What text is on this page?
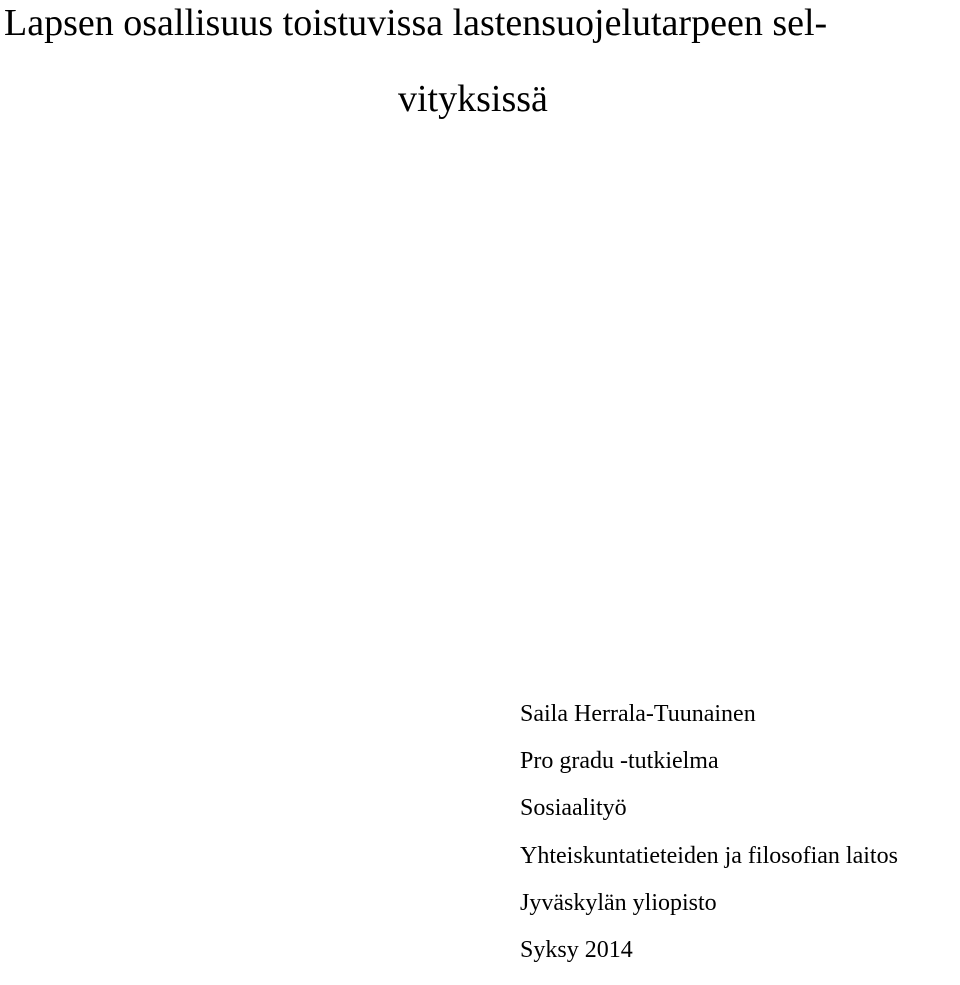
Lapsen osallisuus toistuvissa lastensuojelutarpeen sel-
vityksissä
Saila Herrala-Tuunainen
Pro gradu -tutkielma
Sosiaalityö
Yhteiskuntatieteiden ja filosofian laitos
Jyväskylän yliopisto
Syksy 2014
